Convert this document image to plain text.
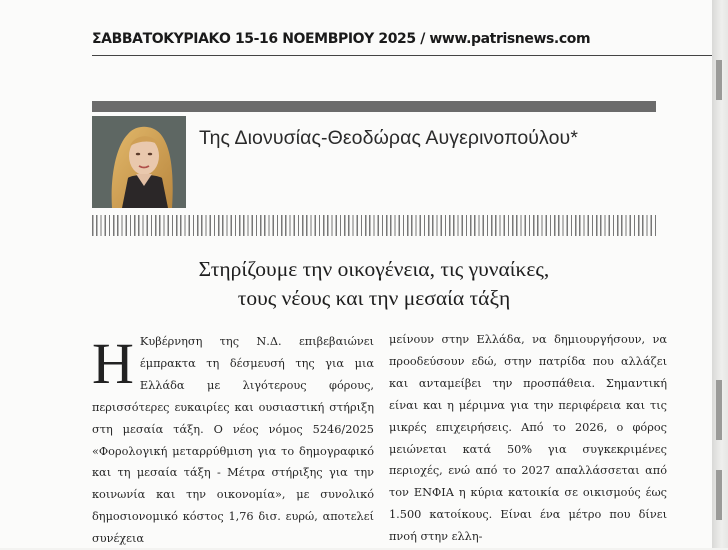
ΣΑΒΒΑΤΟΚΥΡΙΑΚΟ 15-16 ΝΟΕΜΒΡΙΟΥ 2025 / www.patrisnews.com
Της Διονυσίας-Θεοδώρας Αυγερινοπούλου*
Στηρίζουμε την οικογένεια, τις γυναίκες,
τους νέους και την μεσαία τάξη
Η Κυβέρνηση της Ν.Δ. επιβεβαιώνει έμπρακτα τη δέσμευσή της για μια Ελλάδα με λιγότερους φόρους, περισσότερες ευκαιρίες και ουσιαστική στήριξη στη μεσαία τάξη. Ο νέος νόμος 5246/2025 «Φορολογική μεταρρύθμιση για το δημογραφικό και τη μεσαία τάξη - Μέτρα στήριξης για την κοινωνία και την οικονομία», με συνολικό δημοσιονομικό κόστος 1,76 δισ. ευρώ, αποτελεί συνέχεια
μείνουν στην Ελλάδα, να δημιουργήσουν, να προοδεύσουν εδώ, στην πατρίδα που αλλάζει και ανταμείβει την προσπάθεια. Σημαντική είναι και η μέριμνα για την περιφέρεια και τις μικρές επιχειρήσεις. Από το 2026, ο φόρος μειώνεται κατά 50% για συγκεκριμένες περιοχές, ενώ από το 2027 απαλλάσσεται από τον ΕΝΦΙΑ η κύρια κατοικία σε οικισμούς έως 1.500 κατοίκους. Είναι ένα μέτρο που δίνει πνοή στην ελλη-
